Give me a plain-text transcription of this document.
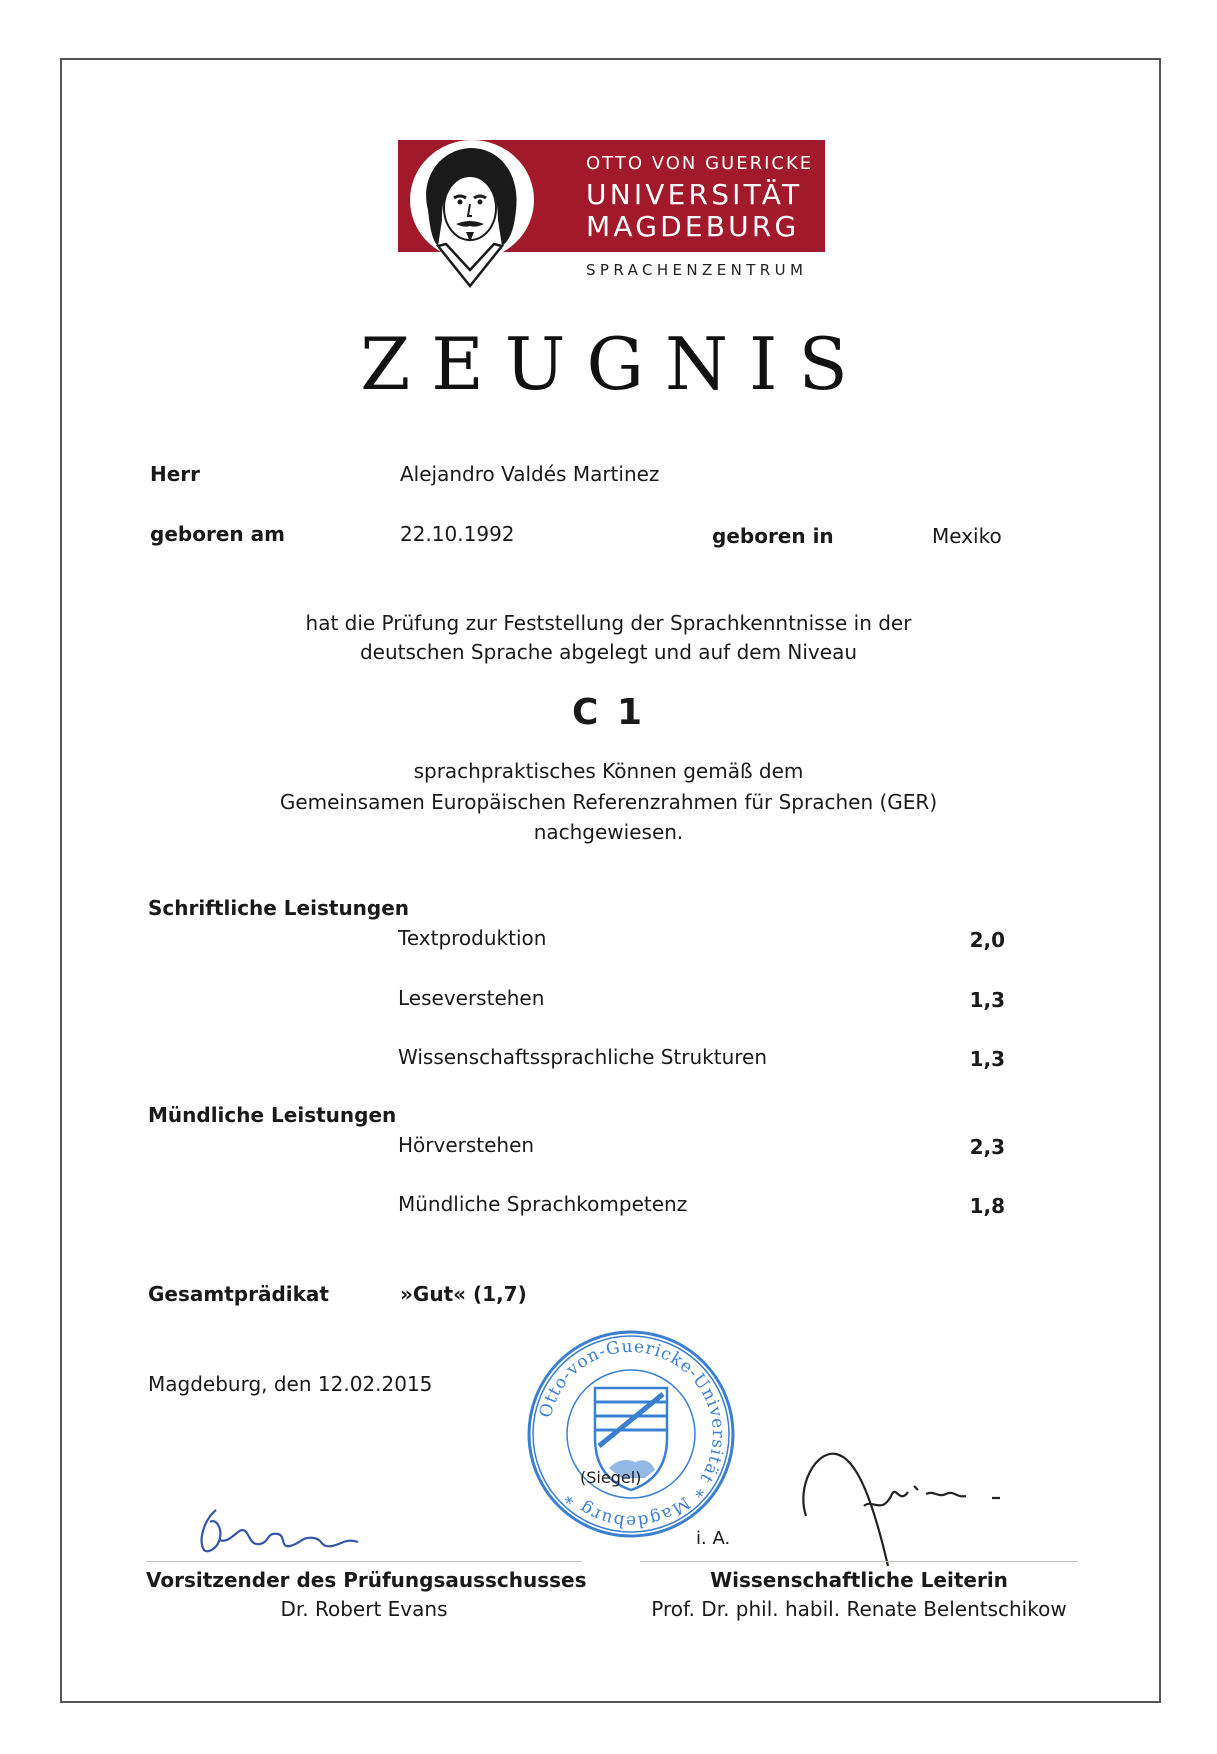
OTTO VON GUERICKE
UNIVERSITÄT
MAGDEBURG
SPRACHENZENTRUM
ZEUGNIS
Herr	Alejandro Valdés Martinez
geboren am	22.10.1992	geboren in	Mexiko
hat die Prüfung zur Feststellung der Sprachkenntnisse in der
deutschen Sprache abgelegt und auf dem Niveau
C 1
sprachpraktisches Können gemäß dem
Gemeinsamen Europäischen Referenzrahmen für Sprachen (GER)
nachgewiesen.
Schriftliche Leistungen
Textproduktion	2,0
Leseverstehen	1,3
Wissenschaftssprachliche Strukturen	1,3
Mündliche Leistungen
Hörverstehen	2,3
Mündliche Sprachkompetenz	1,8
Gesamtprädikat	»Gut« (1,7)
Magdeburg, den 12.02.2015
Otto-von-Guericke-Universität * Magdeburg *
(Siegel)
i. A.
Vorsitzender des Prüfungsausschusses
Dr. Robert Evans
Wissenschaftliche Leiterin
Prof. Dr. phil. habil. Renate Belentschikow
